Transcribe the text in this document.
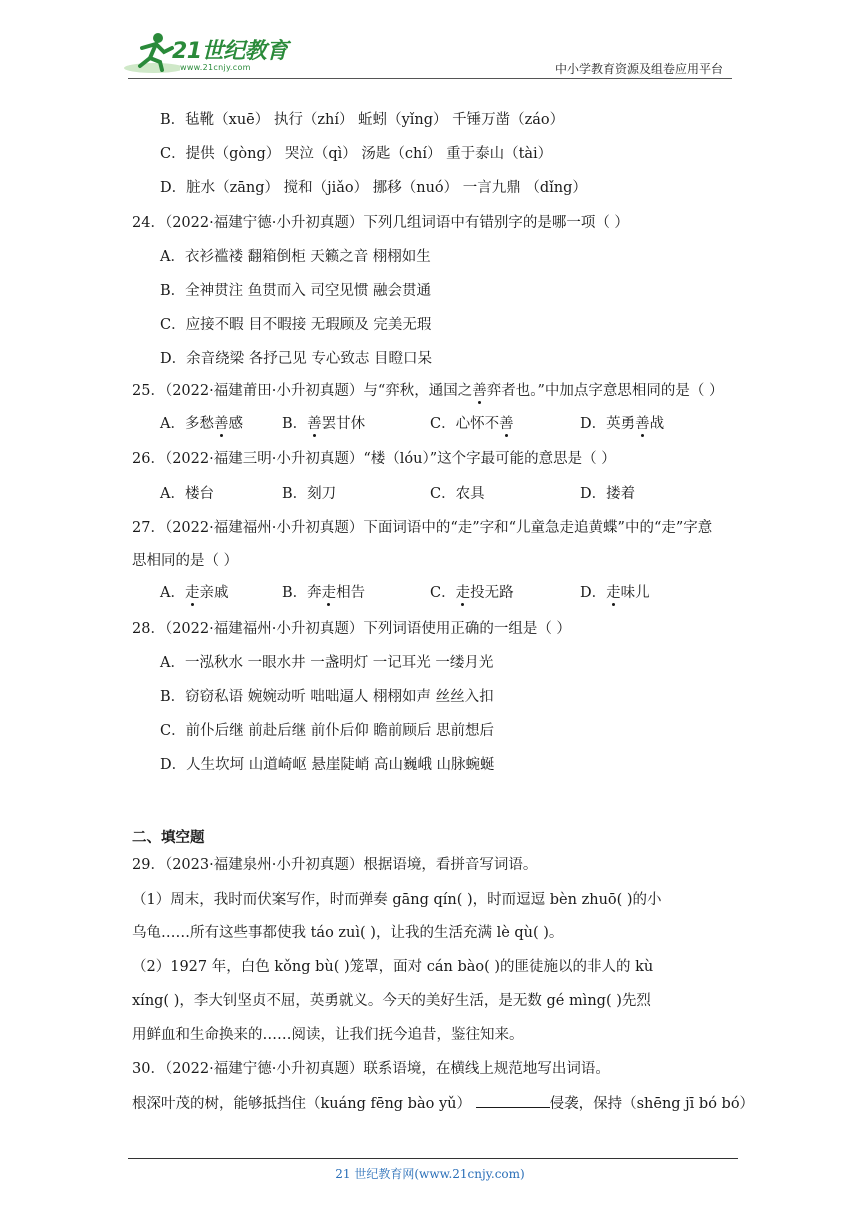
21世纪教育
www.21cnjy.com	中小学教育资源及组卷应用平台
B．毡靴（xuē） 执行（zhí） 蚯蚓（yǐng） 千锤万凿（záo）
C．提供（gòng） 哭泣（qì） 汤匙（chí） 重于泰山（tài）
D．脏水（zāng） 搅和（jiǎo） 挪移（nuó） 一言九鼎 （dǐng）
24．（2022·福建宁德·小升初真题）下列几组词语中有错别字的是哪一项（ ）
A．衣衫褴褛 翻箱倒柜 天籁之音 栩栩如生
B．全神贯注 鱼贯而入 司空见惯 融会贯通
C．应接不暇 目不暇接 无瑕顾及 完美无瑕
D．余音绕梁 各抒己见 专心致志 目瞪口呆
25．（2022·福建莆田·小升初真题）与“弈秋，通国之善弈者也。”中加点字意思相同的是（ ）
A．多愁善感	B．善罢甘休	C．心怀不善	D．英勇善战
26．（2022·福建三明·小升初真题）“楼（lóu）”这个字最可能的意思是（ ）
A．楼台	B．刻刀	C．农具	D．搂着
27．（2022·福建福州·小升初真题）下面词语中的“走”字和“儿童急走追黄蝶”中的“走”字意
思相同的是（ ）
A．走亲戚	B．奔走相告	C．走投无路	D．走味儿
28．（2022·福建福州·小升初真题）下列词语使用正确的一组是（ ）
A．一泓秋水 一眼水井 一盏明灯 一记耳光 一缕月光
B．窃窃私语 婉婉动听 咄咄逼人 栩栩如声 丝丝入扣
C．前仆后继 前赴后继 前仆后仰 瞻前顾后 思前想后
D．人生坎坷 山道崎岖 悬崖陡峭 高山巍峨 山脉蜿蜒
29．（2023·福建泉州·小升初真题）根据语境，看拼音写词语。
（1）周末，我时而伏案写作，时而弹奏 gāng qín( )，时而逗逗 bèn zhuō( )的小
乌龟……所有这些事都使我 táo zuì( )，让我的生活充满 lè qù( )。
（2）1927 年，白色 kǒng bù( )笼罩，面对 cán bào( )的匪徒施以的非人的 kù
xíng( )，李大钊坚贞不屈，英勇就义。今天的美好生活，是无数 gé mìng( )先烈
用鲜血和生命换来的……阅读，让我们抚今追昔，鉴往知来。
30．（2022·福建宁德·小升初真题）联系语境，在横线上规范地写出词语。
根深叶茂的树，能够抵挡住（kuáng fēng bào yǔ）	侵袭，保持（shēng jī bó bó）
二、填空题
21 世纪教育网(www.21cnjy.com)
